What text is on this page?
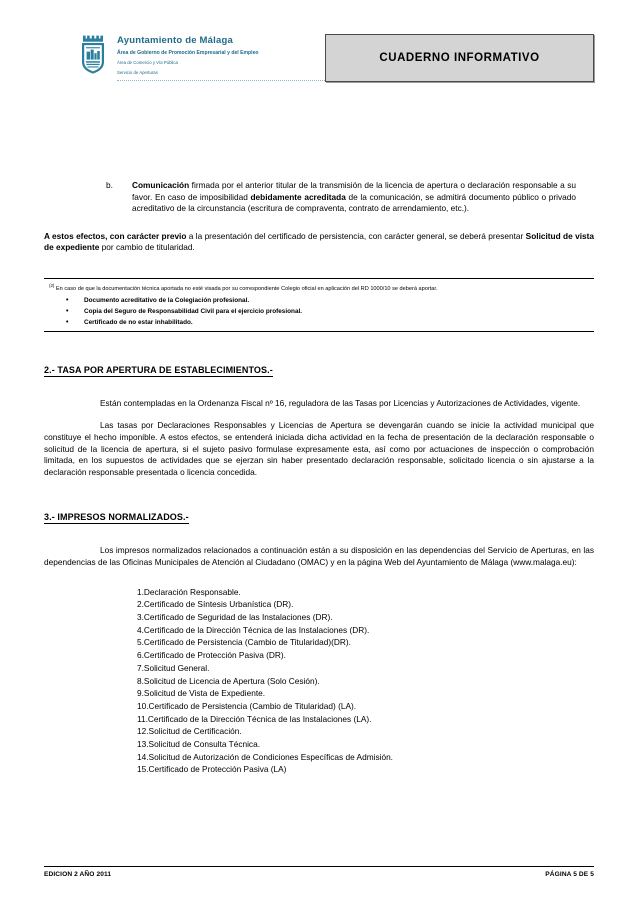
Ayuntamiento de Málaga
Área de Gobierno de Promoción Empresarial y del Empleo
Área de Comercio y Vía Pública
Servicio de Aperturas
CUADERNO INFORMATIVO
b.	Comunicación firmada por el anterior titular de la transmisión de la licencia de apertura o declaración responsable a su favor. En caso de imposibilidad debidamente acreditada de la comunicación, se admitirá documento público o privado acreditativo de la circunstancia (escritura de compraventa, contrato de arrendamiento, etc.).

A estos efectos, con carácter previo a la presentación del certificado de persistencia, con carácter general, se deberá presentar Solicitud de vista de expediente por cambio de titularidad.

$^{(2)}$ En caso de que la documentación técnica aportada no esté visada por su correspondiente Colegio oficial en aplicación del RD 1000/10 se deberá aportar.
•	Documento acreditativo de la Colegiación profesional.
•	Copia del Seguro de Responsabilidad Civil para el ejercicio profesional.
•	Certificado de no estar inhabilitado.
2.- TASA POR APERTURA DE ESTABLECIMIENTOS.-

Están contempladas en la Ordenanza Fiscal nº 16, reguladora de las Tasas por Licencias y Autorizaciones de Actividades, vigente.

Las tasas por Declaraciones Responsables y Licencias de Apertura se devengarán cuando se inicie la actividad municipal que constituye el hecho imponible. A estos efectos, se entenderá iniciada dicha actividad en la fecha de presentación de la declaración responsable o solicitud de la licencia de apertura, si el sujeto pasivo formulase expresamente esta, así como por actuaciones de inspección o comprobación limitada, en los supuestos de actividades que se ejerzan sin haber presentado declaración responsable, solicitado licencia o sin ajustarse a la declaración responsable presentada o licencia concedida.

3.- IMPRESOS NORMALIZADOS.-

Los impresos normalizados relacionados a continuación están a su disposición en las dependencias del Servicio de Aperturas, en las dependencias de las Oficinas Municipales de Atención al Ciudadano (OMAC) y en la página Web del Ayuntamiento de Málaga (www.malaga.eu):

1. Declaración Responsable.
2. Certificado de Síntesis Urbanística (DR).
3. Certificado de Seguridad de las Instalaciones (DR).
4. Certificado de la Dirección Técnica de las Instalaciones (DR).
5. Certificado de Persistencia (Cambio de Titularidad)(DR).
6. Certificado de Protección Pasiva (DR).
7. Solicitud General.
8. Solicitud de Licencia de Apertura (Solo Cesión).
9. Solicitud de Vista de Expediente.
10. Certificado de Persistencia (Cambio de Titularidad) (LA).
11. Certificado de la Dirección Técnica de las Instalaciones (LA).
12. Solicitud de Certificación.
13. Solicitud de Consulta Técnica.
14. Solicitud de Autorización de Condiciones Específicas de Admisión.
15. Certificado de Protección Pasiva (LA)
EDICION 2 AÑO 2011	PÁGINA 5 DE 5
